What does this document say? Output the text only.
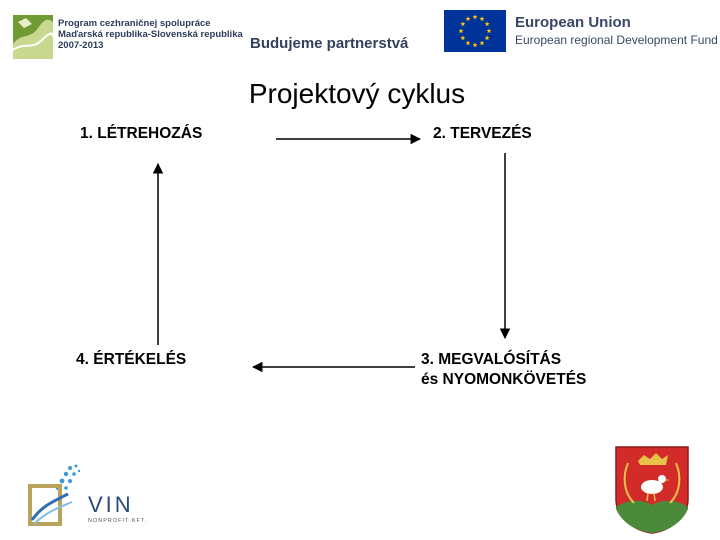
Program cezhraničnej spolupráce
Maďarská republika-Slovenská republika
2007-2013	Budujeme partnerstvá
European Union
European regional Development Fund
Projektový cyklus
1. LÉTREHOZÁS	2. TERVEZÉS
4. ÉRTÉKELÉS	3. MEGVALÓSÍTÁS
és NYOMONKÖVETÉS
VIN
NONPROFIT KFT.
